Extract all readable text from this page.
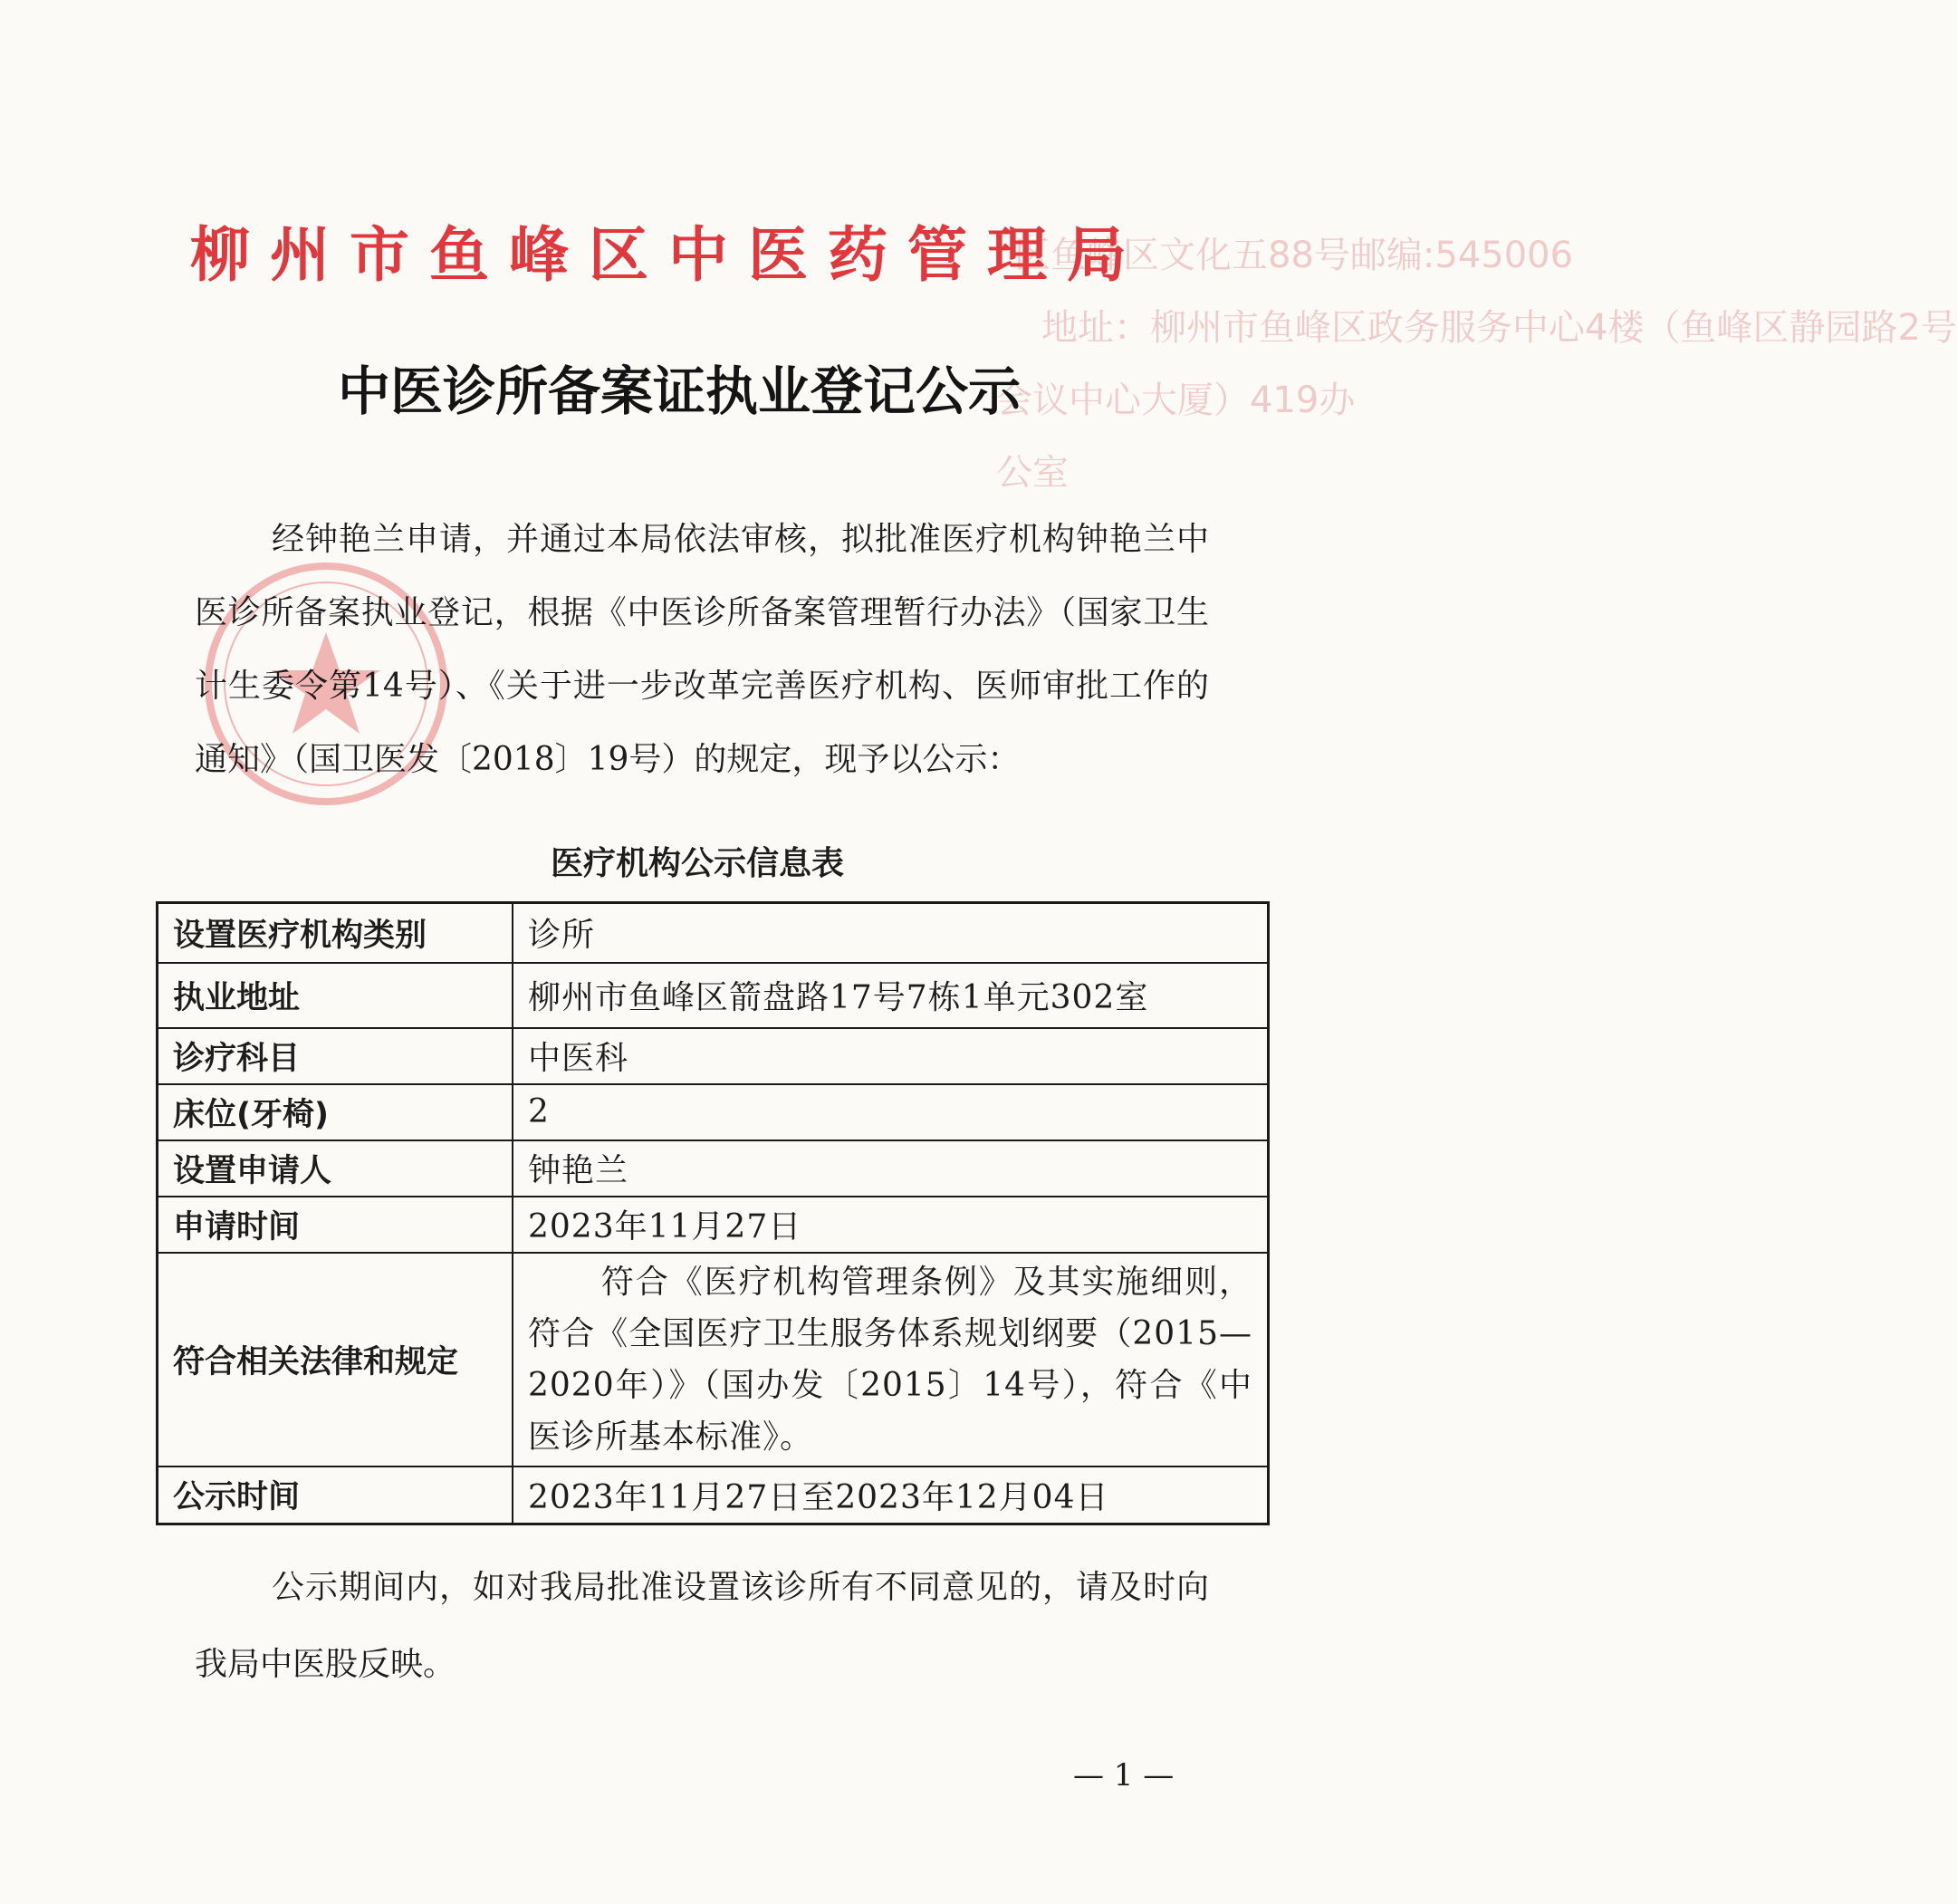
区鱼峰区文化五88号邮编:545006
地址：柳州市鱼峰区政务服务中心4楼（鱼峰区静园路2号
会议中心大厦）419办
公室
柳州市鱼峰区中医药管理局
中医诊所备案证执业登记公示
经钟艳兰申请，并通过本局依法审核，拟批准医疗机构钟艳兰中医诊所备案执业登记，根据《中医诊所备案管理暂行办法》（国家卫生计生委令第14号）、《关于进一步改革完善医疗机构、医师审批工作的通知》（国卫医发〔2018〕19号）的规定，现予以公示：
医疗机构公示信息表
设置医疗机构类别	诊所
执业地址	柳州市鱼峰区箭盘路17号7栋1单元302室
诊疗科目	中医科
床位(牙椅)	2
设置申请人	钟艳兰
申请时间	2023年11月27日
符合相关法律和规定	符合《医疗机构管理条例》及其实施细则，符合《全国医疗卫生服务体系规划纲要（2015—2020年）》（国办发〔2015〕14号），符合《中医诊所基本标准》。
公示时间	2023年11月27日至2023年12月04日
公示期间内，如对我局批准设置该诊所有不同意见的，请及时向我局中医股反映。
— 1 —
